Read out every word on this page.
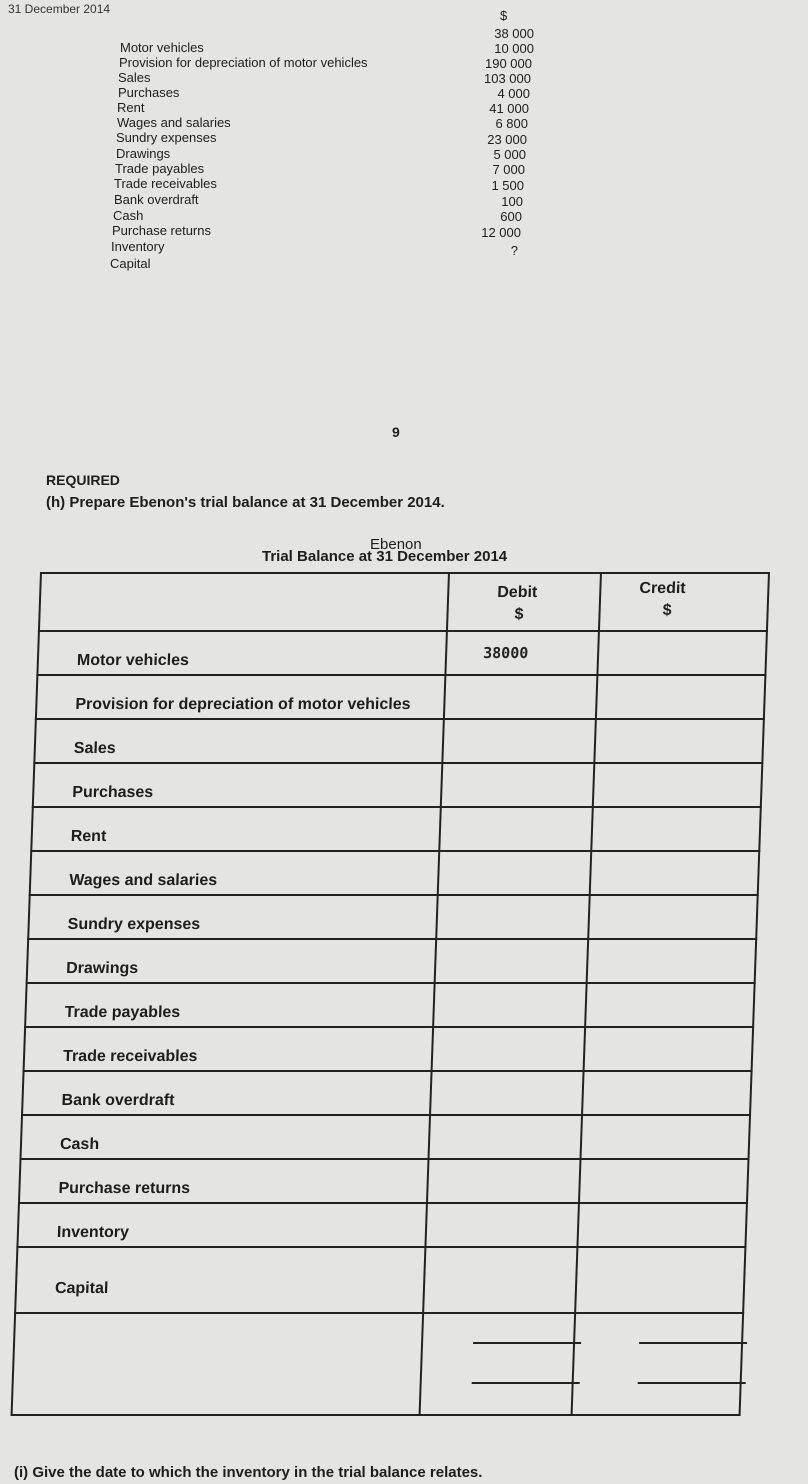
31 December 2014	$
Motor vehicles
38 000
Provision for depreciation of motor vehicles
10 000
Sales
190 000
Purchases
103 000
Rent
4 000
Wages and salaries
41 000
Sundry expenses
6 800
Drawings
23 000
Trade payables
5 000
Trade receivables
7 000
Bank overdraft
1 500
Cash
100
Purchase returns
600
Inventory
12 000
Capital
?
9
REQUIRED
(h) Prepare Ebenon's trial balance at 31 December 2014.
Ebenon
Trial Balance at 31 December 2014
Debit
$
Credit
$
Motor vehicles
Provision for depreciation of motor vehicles
Sales
Purchases
Rent
Wages and salaries
Sundry expenses
Drawings
Trade payables
Trade receivables
Bank overdraft
Cash
Purchase returns
Inventory
Capital
38000
(i) Give the date to which the inventory in the trial balance relates.
